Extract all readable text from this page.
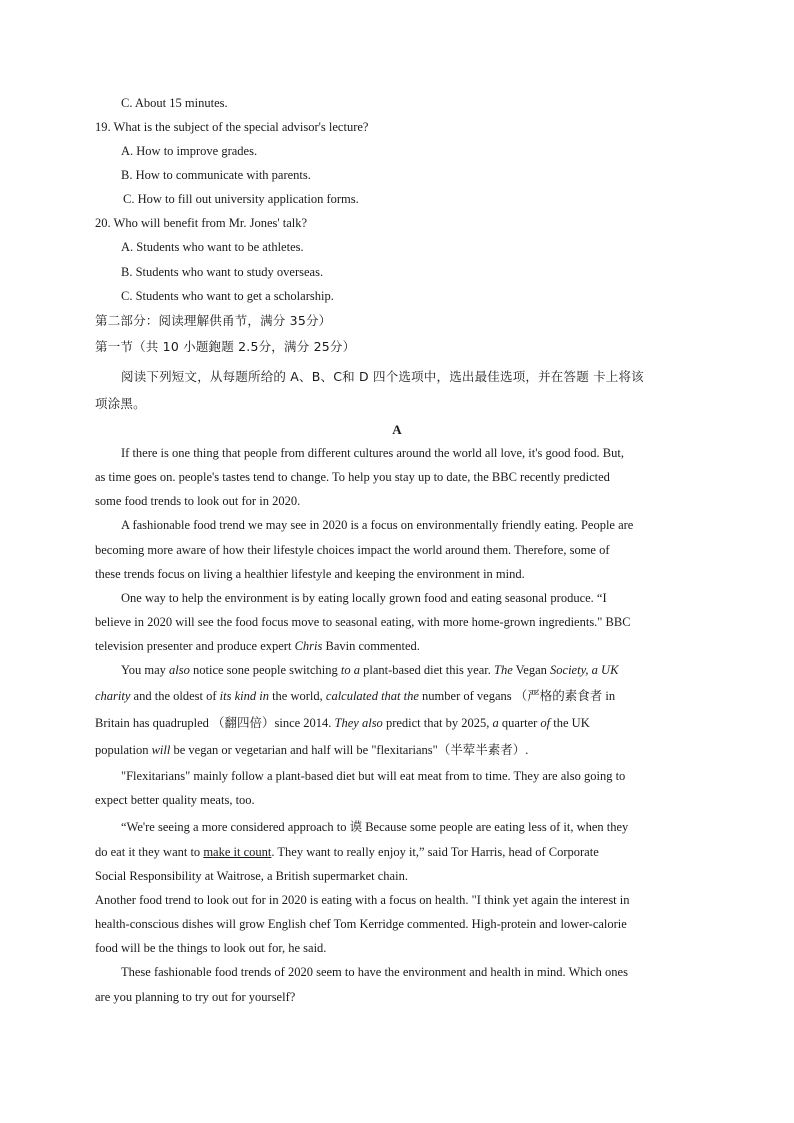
C. About 15 minutes.
19. What is the subject of the special advisor's lecture?
A. How to improve grades.
B. How to communicate with parents.
C. How to fill out university application forms.
20. Who will benefit from Mr. Jones' talk?
A. Students who want to be athletes.
B. Students who want to study overseas.
C. Students who want to get a scholarship.
第二部分：阅读理解供甬节，满分 35分）
第一节（共 10 小题鉋题 2.5分，满分 25分）
阅读下列短文，从每题所给的 A、B、C和 D 四个选项中，选出最佳选项，并在答题 卡上将该
项涂黑。
A
If there is one thing that people from different cultures around the world all love, it's good food. But,
as time goes on. people's tastes tend to change. To help you stay up to date, the BBC recently predicted
some food trends to look out for in 2020.
A fashionable food trend we may see in 2020 is a focus on environmentally friendly eating. People are
becoming more aware of how their lifestyle choices impact the world around them. Therefore, some of
these trends focus on living a healthier lifestyle and keeping the environment in mind.
One way to help the environment is by eating locally grown food and eating seasonal produce. “I
believe in 2020 will see the food focus move to seasonal eating, with more home-grown ingredients." BBC
television presenter and produce expert Chris Bavin commented.
You may also notice sone people switching to a plant-based diet this year. The Vegan Society, a UK
charity and the oldest of its kind in the world, calculated that the number of vegans （严格的素食者 in
Britain has quadrupled （翻四倍）since 2014. They also predict that by 2025, a quarter of the UK
population will be vegan or vegetarian and half will be "flexitarians"（半荤半素者）.
"Flexitarians" mainly follow a plant-based diet but will eat meat from to time. They are also going to
expect better quality meats, too.
“We're seeing a more considered approach to 谟 Because some people are eating less of it, when they
do eat it they want to make it count. They want to really enjoy it,” said Tor Harris, head of Corporate
Social Responsibility at Waitrose, a British supermarket chain.
Another food trend to look out for in 2020 is eating with a focus on health. "I think yet again the interest in
health-conscious dishes will grow English chef Tom Kerridge commented. High-protein and lower-calorie
food will be the things to look out for, he said.
These fashionable food trends of 2020 seem to have the environment and health in mind. Which ones
are you planning to try out for yourself?
